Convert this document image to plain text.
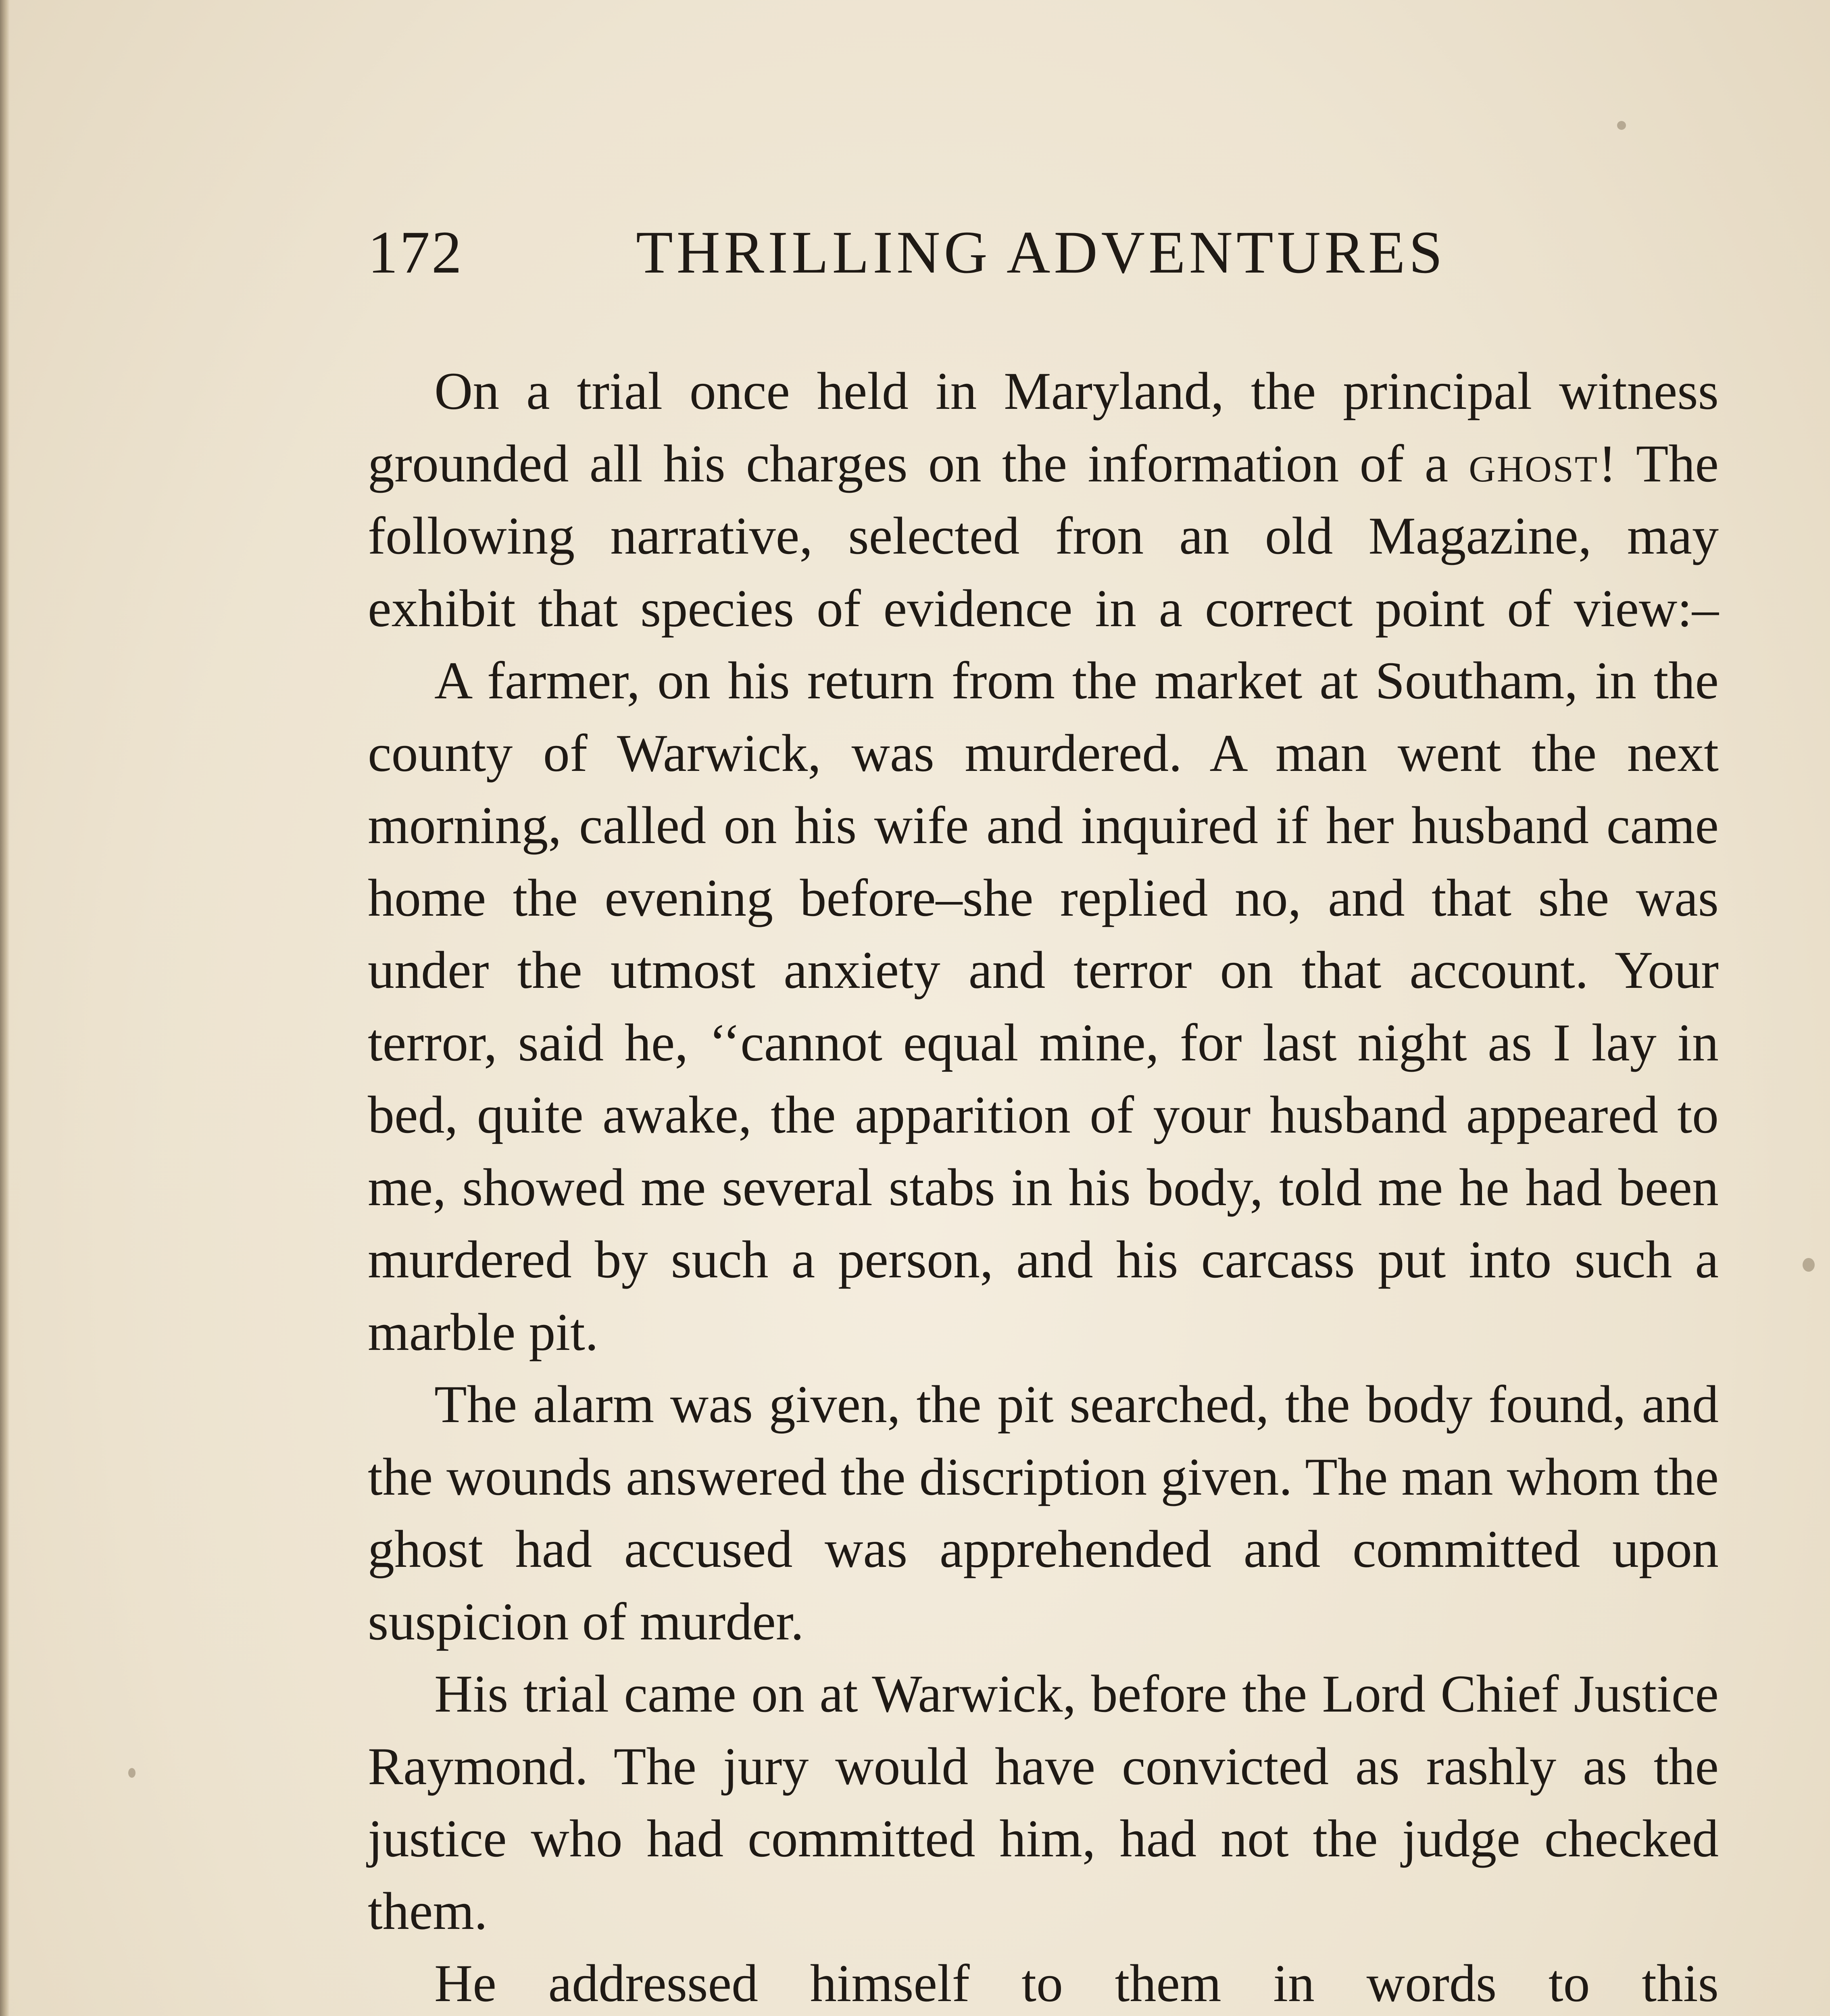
172	THRILLING ADVENTURES

On a trial once held in Maryland, the principal witness grounded all his charges on the information of a ghost! The following narrative, selected fron an old Magazine, may exhibit that species of evidence in a correct point of view:–

A farmer, on his return from the market at Southam, in the county of Warwick, was murdered. A man went the next morning, called on his wife and inquired if her husband came home the evening before–she replied no, and that she was under the utmost anxiety and terror on that account. Your terror, said he, ‘‘cannot equal mine, for last night as I lay in bed, quite awake, the apparition of your husband appeared to me, showed me several stabs in his body, told me he had been murdered by such a person, and his carcass put into such a marble pit.

The alarm was given, the pit searched, the body found, and the wounds answered the discription given. The man whom the ghost had accused was apprehended and committed upon suspicion of murder.

His trial came on at Warwick, before the Lord Chief Justice Raymond. The jury would have convicted as rashly as the justice who had committed him, had not the judge checked them.

He addressed himself to them in words to this
